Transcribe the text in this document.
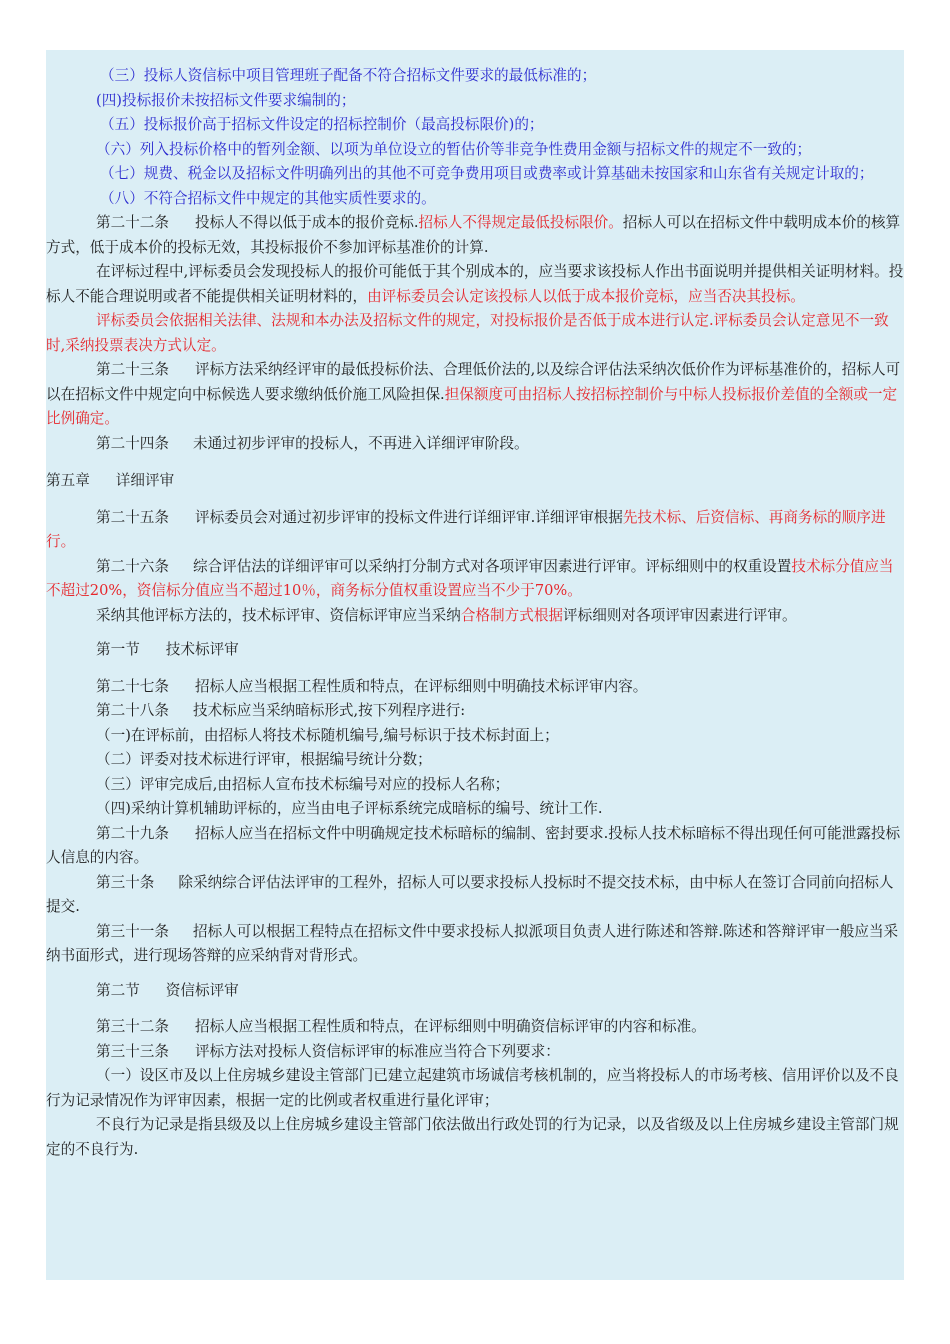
（三）投标人资信标中项目管理班子配备不符合招标文件要求的最低标准的；

(四)投标报价未按招标文件要求编制的；

（五）投标报价高于招标文件设定的招标控制价（最高投标限价)的；

（六）列入投标价格中的暂列金额、以项为单位设立的暂估价等非竞争性费用金额与招标文件的规定不一致的；

（七）规费、税金以及招标文件明确列出的其他不可竞争费用项目或费率或计算基础未按国家和山东省有关规定计取的；

（八）不符合招标文件中规定的其他实质性要求的。

第二十二条 投标人不得以低于成本的报价竞标.招标人不得规定最低投标限价。招标人可以在招标文件中载明成本价的核算方式，低于成本价的投标无效，其投标报价不参加评标基准价的计算.

在评标过程中,评标委员会发现投标人的报价可能低于其个别成本的，应当要求该投标人作出书面说明并提供相关证明材料。投标人不能合理说明或者不能提供相关证明材料的，由评标委员会认定该投标人以低于成本报价竞标，应当否决其投标。

评标委员会依据相关法律、法规和本办法及招标文件的规定，对投标报价是否低于成本进行认定.评标委员会认定意见不一致时,采纳投票表决方式认定。

第二十三条 评标方法采纳经评审的最低投标价法、合理低价法的,以及综合评估法采纳次低价作为评标基准价的，招标人可以在招标文件中规定向中标候选人要求缴纳低价施工风险担保.担保额度可由招标人按招标控制价与中标人投标报价差值的全额或一定比例确定。

第二十四条 未通过初步评审的投标人，不再进入详细评审阶段。

第五章 详细评审

第二十五条 评标委员会对通过初步评审的投标文件进行详细评审.详细评审根据先技术标、后资信标、再商务标的顺序进行。

第二十六条 综合评估法的详细评审可以采纳打分制方式对各项评审因素进行评审。评标细则中的权重设置技术标分值应当不超过20%，资信标分值应当不超过10％，商务标分值权重设置应当不少于70%。

采纳其他评标方法的，技术标评审、资信标评审应当采纳合格制方式根据评标细则对各项评审因素进行评审。

第一节 技术标评审

第二十七条 招标人应当根据工程性质和特点，在评标细则中明确技术标评审内容。

第二十八条 技术标应当采纳暗标形式,按下列程序进行:

（一)在评标前，由招标人将技术标随机编号,编号标识于技术标封面上；

（二）评委对技术标进行评审，根据编号统计分数；

（三）评审完成后,由招标人宣布技术标编号对应的投标人名称；

（四)采纳计算机辅助评标的，应当由电子评标系统完成暗标的编号、统计工作.

第二十九条 招标人应当在招标文件中明确规定技术标暗标的编制、密封要求.投标人技术标暗标不得出现任何可能泄露投标人信息的内容。

第三十条 除采纳综合评估法评审的工程外，招标人可以要求投标人投标时不提交技术标，由中标人在签订合同前向招标人提交.

第三十一条 招标人可以根据工程特点在招标文件中要求投标人拟派项目负责人进行陈述和答辩.陈述和答辩评审一般应当采纳书面形式，进行现场答辩的应采纳背对背形式。

第二节 资信标评审

第三十二条 招标人应当根据工程性质和特点，在评标细则中明确资信标评审的内容和标准。

第三十三条 评标方法对投标人资信标评审的标准应当符合下列要求：

（一）设区市及以上住房城乡建设主管部门已建立起建筑市场诚信考核机制的，应当将投标人的市场考核、信用评价以及不良行为记录情况作为评审因素，根据一定的比例或者权重进行量化评审；

不良行为记录是指县级及以上住房城乡建设主管部门依法做出行政处罚的行为记录，以及省级及以上住房城乡建设主管部门规定的不良行为.
